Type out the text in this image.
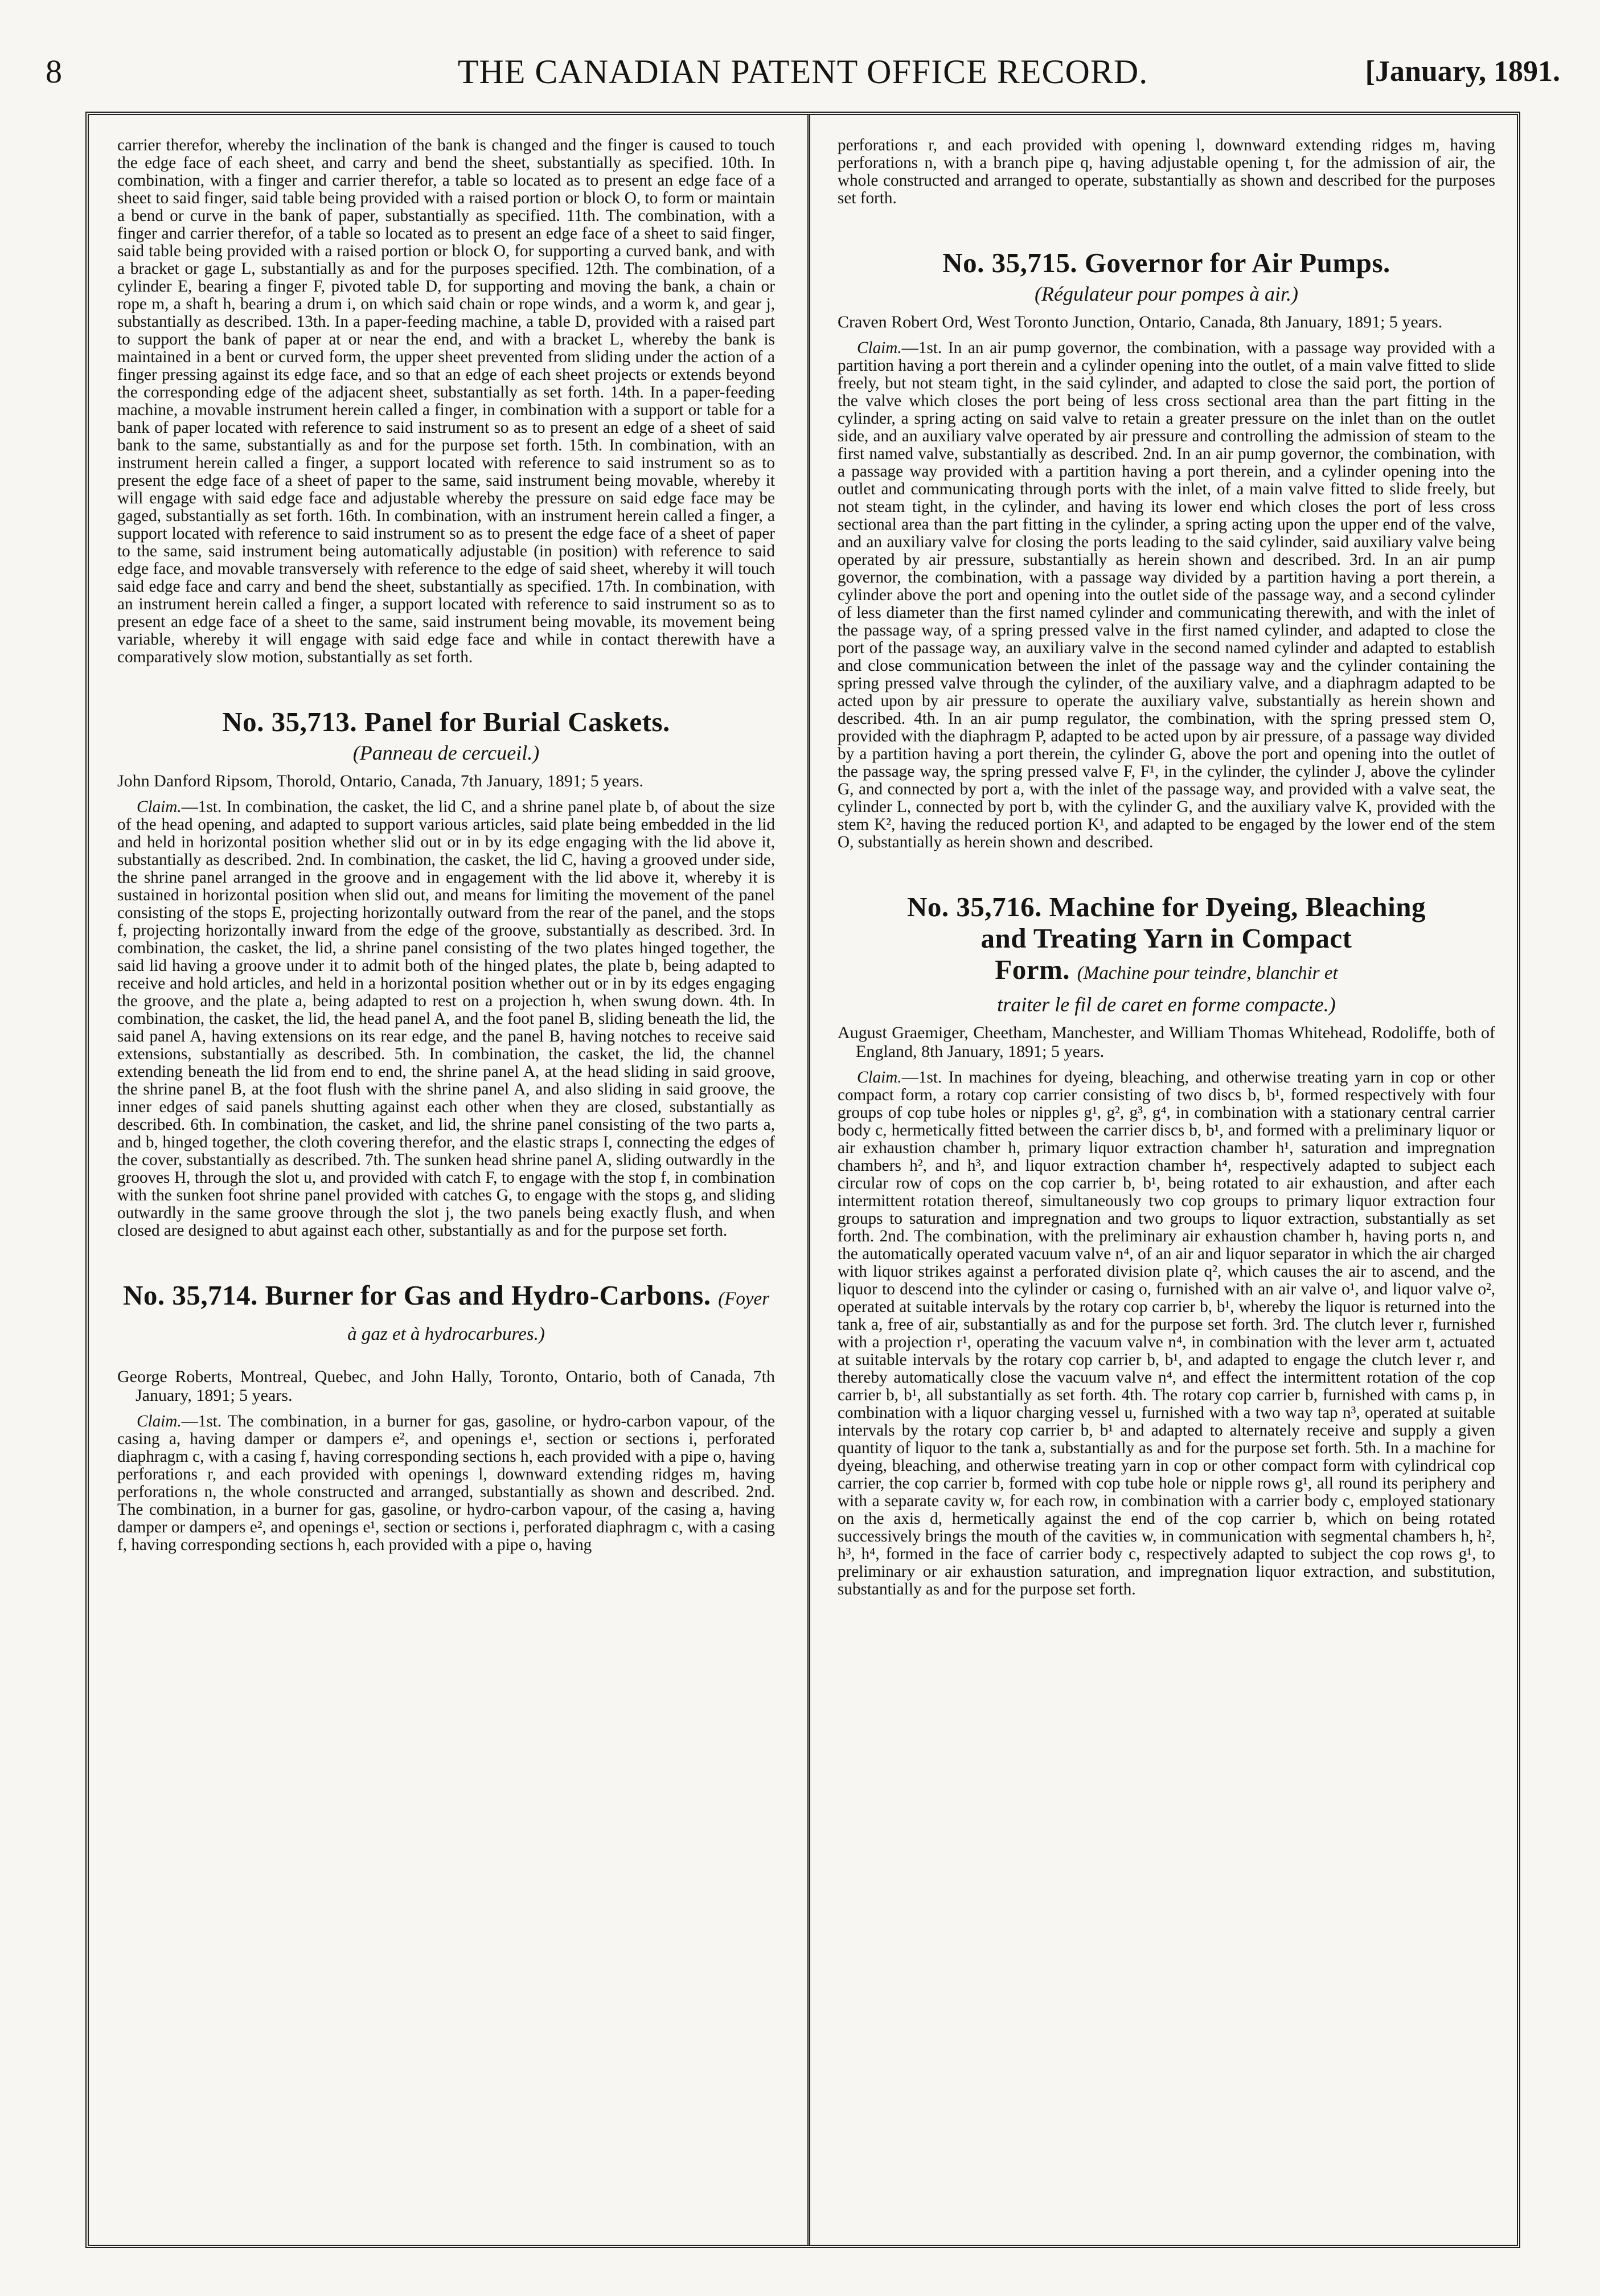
8	THE CANADIAN PATENT OFFICE RECORD.	[January, 1891.

carrier therefor, whereby the inclination of the bank is changed and the finger is caused to touch the edge face of each sheet, and carry and bend the sheet, substantially as specified. 10th. In combination, with a finger and carrier therefor, a table so located as to present an edge face of a sheet to said finger, said table being provided with a raised portion or block O, to form or maintain a bend or curve in the bank of paper, substantially as specified. 11th. The combination, with a finger and carrier therefor, of a table so located as to present an edge face of a sheet to said finger, said table being provided with a raised portion or block O, for supporting a curved bank, and with a bracket or gage L, substantially as and for the purposes specified. 12th. The combination, of a cylinder E, bearing a finger F, pivoted table D, for supporting and moving the bank, a chain or rope m, a shaft h, bearing a drum i, on which said chain or rope winds, and a worm k, and gear j, substantially as described. 13th. In a paper-feeding machine, a table D, provided with a raised part to support the bank of paper at or near the end, and with a bracket L, whereby the bank is maintained in a bent or curved form, the upper sheet prevented from sliding under the action of a finger pressing against its edge face, and so that an edge of each sheet projects or extends beyond the corresponding edge of the adjacent sheet, substantially as set forth. 14th. In a paper-feeding machine, a movable instrument herein called a finger, in combination with a support or table for a bank of paper located with reference to said instrument so as to present an edge of a sheet of said bank to the same, substantially as and for the purpose set forth. 15th. In combination, with an instrument herein called a finger, a support located with reference to said instrument so as to present the edge face of a sheet of paper to the same, said instrument being movable, whereby it will engage with said edge face and adjustable whereby the pressure on said edge face may be gaged, substantially as set forth. 16th. In combination, with an instrument herein called a finger, a support located with reference to said instrument so as to present the edge face of a sheet of paper to the same, said instrument being automatically adjustable (in position) with reference to said edge face, and movable transversely with reference to the edge of said sheet, whereby it will touch said edge face and carry and bend the sheet, substantially as specified. 17th. In combination, with an instrument herein called a finger, a support located with reference to said instrument so as to present an edge face of a sheet to the same, said instrument being movable, its movement being variable, whereby it will engage with said edge face and while in contact therewith have a comparatively slow motion, substantially as set forth.

No. 35,713. Panel for Burial Caskets.
(Panneau de cercueil.)

John Danford Ripsom, Thorold, Ontario, Canada, 7th January, 1891; 5 years.

Claim.—1st. In combination, the casket, the lid C, and a shrine panel plate b, of about the size of the head opening, and adapted to support various articles, said plate being embedded in the lid and held in horizontal position whether slid out or in by its edge engaging with the lid above it, substantially as described. 2nd. In combination, the casket, the lid C, having a grooved under side, the shrine panel arranged in the groove and in engagement with the lid above it, whereby it is sustained in horizontal position when slid out, and means for limiting the movement of the panel consisting of the stops E, projecting horizontally outward from the rear of the panel, and the stops f, projecting horizontally inward from the edge of the groove, substantially as described. 3rd. In combination, the casket, the lid, a shrine panel consisting of the two plates hinged together, the said lid having a groove under it to admit both of the hinged plates, the plate b, being adapted to receive and hold articles, and held in a horizontal position whether out or in by its edges engaging the groove, and the plate a, being adapted to rest on a projection h, when swung down. 4th. In combination, the casket, the lid, the head panel A, and the foot panel B, sliding beneath the lid, the said panel A, having extensions on its rear edge, and the panel B, having notches to receive said extensions, substantially as described. 5th. In combination, the casket, the lid, the channel extending beneath the lid from end to end, the shrine panel A, at the head sliding in said groove, the shrine panel B, at the foot flush with the shrine panel A, and also sliding in said groove, the inner edges of said panels shutting against each other when they are closed, substantially as described. 6th. In combination, the casket, and lid, the shrine panel consisting of the two parts a, and b, hinged together, the cloth covering therefor, and the elastic straps I, connecting the edges of the cover, substantially as described. 7th. The sunken head shrine panel A, sliding outwardly in the grooves H, through the slot u, and provided with catch F, to engage with the stop f, in combination with the sunken foot shrine panel provided with catches G, to engage with the stops g, and sliding outwardly in the same groove through the slot j, the two panels being exactly flush, and when closed are designed to abut against each other, substantially as and for the purpose set forth.

No. 35,714. Burner for Gas and Hydro-Carbons. (Foyer à gaz et à hydrocarbures.)

George Roberts, Montreal, Quebec, and John Hally, Toronto, Ontario, both of Canada, 7th January, 1891; 5 years.

Claim.—1st. The combination, in a burner for gas, gasoline, or hydro-carbon vapour, of the casing a, having damper or dampers e², and openings e¹, section or sections i, perforated diaphragm c, with a casing f, having corresponding sections h, each provided with a pipe o, having perforations r, and each provided with openings l, downward extending ridges m, having perforations n, the whole constructed and arranged, substantially as shown and described. 2nd. The combination, in a burner for gas, gasoline, or hydro-carbon vapour, of the casing a, having damper or dampers e², and openings e¹, section or sections i, perforated diaphragm c, with a casing f, having corresponding sections h, each provided with a pipe o, having

perforations r, and each provided with opening l, downward extending ridges m, having perforations n, with a branch pipe q, having adjustable opening t, for the admission of air, the whole constructed and arranged to operate, substantially as shown and described for the purposes set forth.

No. 35,715. Governor for Air Pumps.
(Régulateur pour pompes à air.)

Craven Robert Ord, West Toronto Junction, Ontario, Canada, 8th January, 1891; 5 years.

Claim.—1st. In an air pump governor, the combination, with a passage way provided with a partition having a port therein and a cylinder opening into the outlet, of a main valve fitted to slide freely, but not steam tight, in the said cylinder, and adapted to close the said port, the portion of the valve which closes the port being of less cross sectional area than the part fitting in the cylinder, a spring acting on said valve to retain a greater pressure on the inlet than on the outlet side, and an auxiliary valve operated by air pressure and controlling the admission of steam to the first named valve, substantially as described. 2nd. In an air pump governor, the combination, with a passage way provided with a partition having a port therein, and a cylinder opening into the outlet and communicating through ports with the inlet, of a main valve fitted to slide freely, but not steam tight, in the cylinder, and having its lower end which closes the port of less cross sectional area than the part fitting in the cylinder, a spring acting upon the upper end of the valve, and an auxiliary valve for closing the ports leading to the said cylinder, said auxiliary valve being operated by air pressure, substantially as herein shown and described. 3rd. In an air pump governor, the combination, with a passage way divided by a partition having a port therein, a cylinder above the port and opening into the outlet side of the passage way, and a second cylinder of less diameter than the first named cylinder and communicating therewith, and with the inlet of the passage way, of a spring pressed valve in the first named cylinder, and adapted to close the port of the passage way, an auxiliary valve in the second named cylinder and adapted to establish and close communication between the inlet of the passage way and the cylinder containing the spring pressed valve through the cylinder, of the auxiliary valve, and a diaphragm adapted to be acted upon by air pressure to operate the auxiliary valve, substantially as herein shown and described. 4th. In an air pump regulator, the combination, with the spring pressed stem O, provided with the diaphragm P, adapted to be acted upon by air pressure, of a passage way divided by a partition having a port therein, the cylinder G, above the port and opening into the outlet of the passage way, the spring pressed valve F, F¹, in the cylinder, the cylinder J, above the cylinder G, and connected by port a, with the inlet of the passage way, and provided with a valve seat, the cylinder L, connected by port b, with the cylinder G, and the auxiliary valve K, provided with the stem K², having the reduced portion K¹, and adapted to be engaged by the lower end of the stem O, substantially as herein shown and described.

No. 35,716. Machine for Dyeing, Bleaching
and Treating Yarn in Compact
Form. (Machine pour teindre, blanchir et
traiter le fil de caret en forme compacte.)

August Graemiger, Cheetham, Manchester, and William Thomas Whitehead, Rodoliffe, both of England, 8th January, 1891; 5 years.

Claim.—1st. In machines for dyeing, bleaching, and otherwise treating yarn in cop or other compact form, a rotary cop carrier consisting of two discs b, b¹, formed respectively with four groups of cop tube holes or nipples g¹, g², g³, g⁴, in combination with a stationary central carrier body c, hermetically fitted between the carrier discs b, b¹, and formed with a preliminary liquor or air exhaustion chamber h, primary liquor extraction chamber h¹, saturation and impregnation chambers h², and h³, and liquor extraction chamber h⁴, respectively adapted to subject each circular row of cops on the cop carrier b, b¹, being rotated to air exhaustion, and after each intermittent rotation thereof, simultaneously two cop groups to primary liquor extraction four groups to saturation and impregnation and two groups to liquor extraction, substantially as set forth. 2nd. The combination, with the preliminary air exhaustion chamber h, having ports n, and the automatically operated vacuum valve n⁴, of an air and liquor separator in which the air charged with liquor strikes against a perforated division plate q², which causes the air to ascend, and the liquor to descend into the cylinder or casing o, furnished with an air valve o¹, and liquor valve o², operated at suitable intervals by the rotary cop carrier b, b¹, whereby the liquor is returned into the tank a, free of air, substantially as and for the purpose set forth. 3rd. The clutch lever r, furnished with a projection r¹, operating the vacuum valve n⁴, in combination with the lever arm t, actuated at suitable intervals by the rotary cop carrier b, b¹, and adapted to engage the clutch lever r, and thereby automatically close the vacuum valve n⁴, and effect the intermittent rotation of the cop carrier b, b¹, all substantially as set forth. 4th. The rotary cop carrier b, furnished with cams p, in combination with a liquor charging vessel u, furnished with a two way tap n³, operated at suitable intervals by the rotary cop carrier b, b¹ and adapted to alternately receive and supply a given quantity of liquor to the tank a, substantially as and for the purpose set forth. 5th. In a machine for dyeing, bleaching, and otherwise treating yarn in cop or other compact form with cylindrical cop carrier, the cop carrier b, formed with cop tube hole or nipple rows g¹, all round its periphery and with a separate cavity w, for each row, in combination with a carrier body c, employed stationary on the axis d, hermetically against the end of the cop carrier b, which on being rotated successively brings the mouth of the cavities w, in communication with segmental chambers h, h², h³, h⁴, formed in the face of carrier body c, respectively adapted to subject the cop rows g¹, to preliminary or air exhaustion saturation, and impregnation liquor extraction, and substitution, substantially as and for the purpose set forth.
